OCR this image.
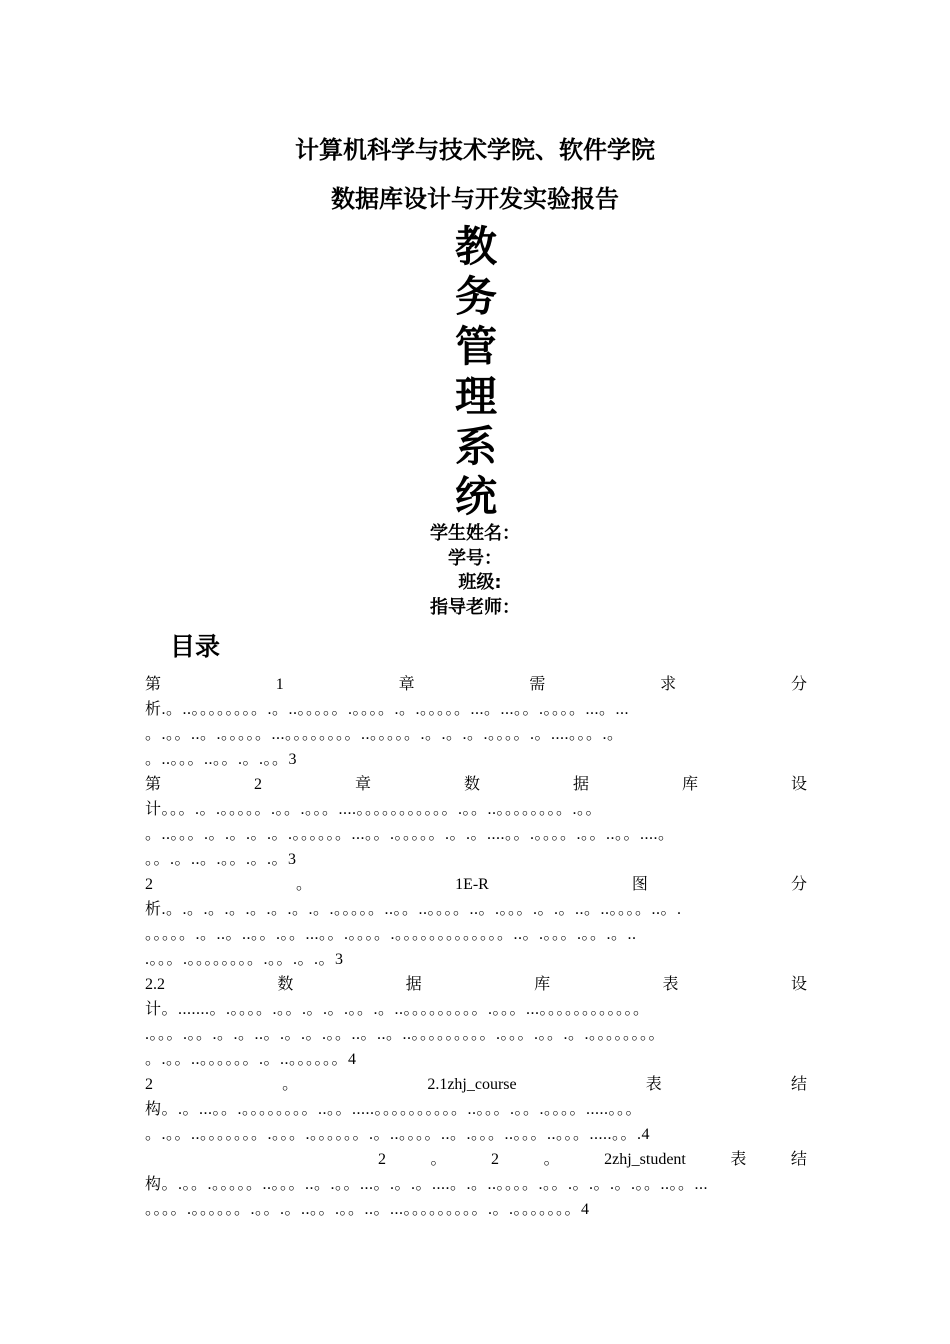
计算机科学与技术学院、软件学院
数据库设计与开发实验报告
教
务
管
理
系
统
学生姓名：
学号：
班级:
指导老师：
目录
第	1	章	需	求	分
析.。..。。。。。。。。.。..。。。。。.。。。。.。.。。。。。...。...。。.。。。。...。...
。.。。..。.。。。。。...。。。。。。。。..。。。。。.。.。.。.。。。。.。....。。。.。
。..。。。..。。.。.。。3
第	2	章	数	据	库	设
计。。。.。.。。。。。.。。.。。。....。。。。。。。。。。。.。。..。。。。。。。。.。。
。..。。。.。.。.。.。.。。。。。。...。。.。。。。。.。.。....。。.。。。。.。。..。。....。
。。.。..。.。。.。.。3
2	。	1E-R	图	分
析.。.。.。.。.。.。.。.。.。。。。。..。。..。。。。..。.。。。.。.。..。..。。。。..。.
。。。。。.。..。..。。.。。...。。.。。。。.。。。。。。。。。。。。。..。.。。。.。。.。..
.。。。.。。。。。。。。.。。.。.。3
2.2	数	据	库	表	设
计。.......。.。。。。.。。.。.。.。。.。..。。。。。。。。。.。。。...。。。。。。。。。。。。
.。。。.。。.。.。..。.。.。.。。..。..。..。。。。。。。。。.。。。.。。.。.。。。。。。。。
。.。。..。。。。。。.。..。。。。。。4
2	。	2.1zhj_course	表	结
构。.。...。。.。。。。。。。。..。。.....。。。。。。。。。。..。。。.。。.。。。。.....。。。
。.。。..。。。。。。。.。。。.。。。。。。.。..。。。。..。.。。。..。。。..。。。.....。。.4
2	。	2	。	2zhj_student	表	结
构。.。。.。。。。。..。。。..。.。。...。.。.。....。.。..。。。。.。。.。.。.。.。。..。。...
。。。。.。。。。。。.。。.。..。。.。。..。...。。。。。。。。。.。.。。。。。。。4
